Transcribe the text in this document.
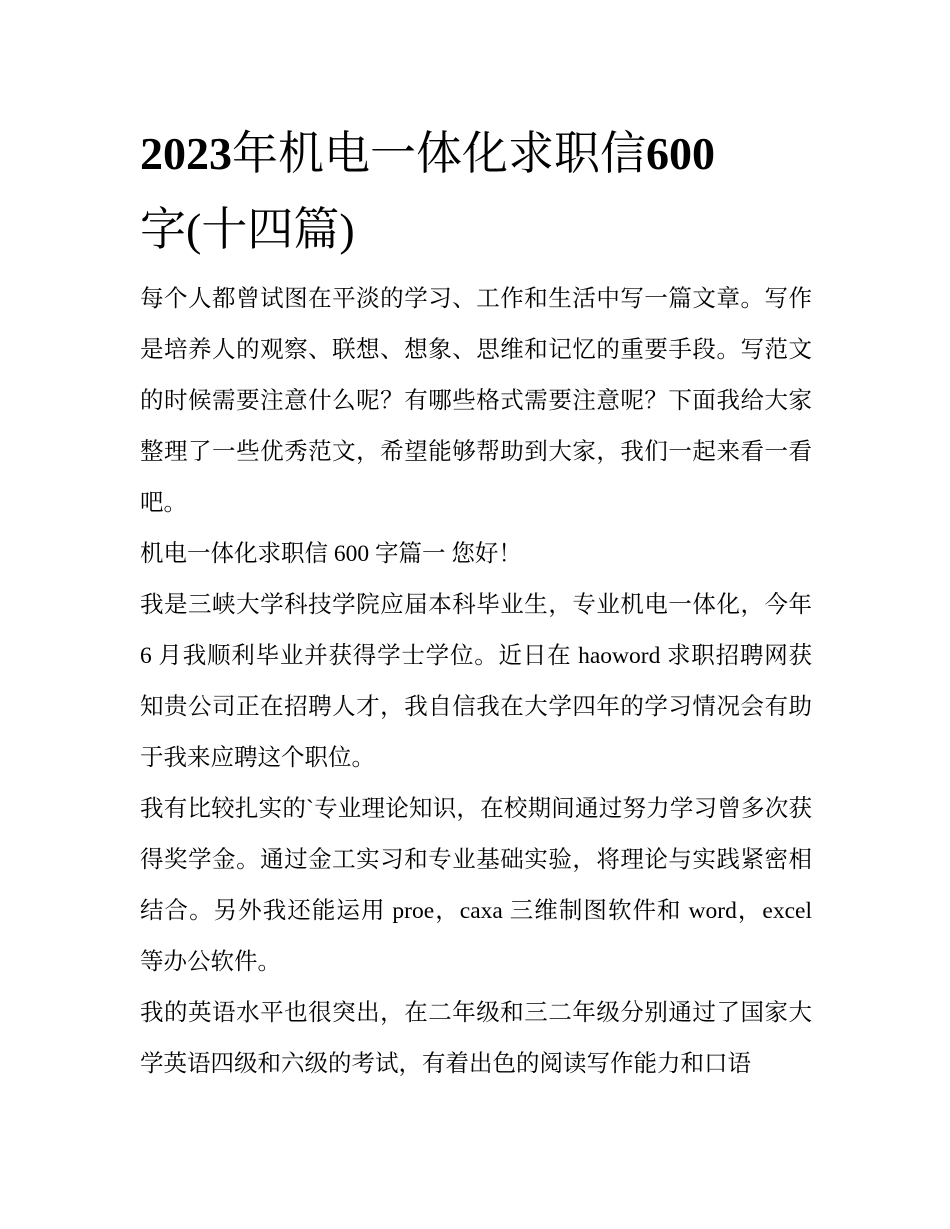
2023年机电一体化求职信600
字(十四篇)

每个人都曾试图在平淡的学习、工作和生活中写一篇文章。写作是培养人的观察、联想、想象、思维和记忆的重要手段。写范文的时候需要注意什么呢？有哪些格式需要注意呢？下面我给大家整理了一些优秀范文，希望能够帮助到大家，我们一起来看一看吧。

机电一体化求职信 600 字篇一 您好！

我是三峡大学科技学院应届本科毕业生，专业机电一体化，今年 6 月我顺利毕业并获得学士学位。近日在 haoword 求职招聘网获知贵公司正在招聘人才，我自信我在大学四年的学习情况会有助于我来应聘这个职位。

我有比较扎实的`专业理论知识，在校期间通过努力学习曾多次获得奖学金。通过金工实习和专业基础实验，将理论与实践紧密相结合。另外我还能运用 proe，caxa 三维制图软件和 word，excel 等办公软件。

我的英语水平也很突出，在二年级和三二年级分别通过了国家大学英语四级和六级的考试，有着出色的阅读写作能力和口语
